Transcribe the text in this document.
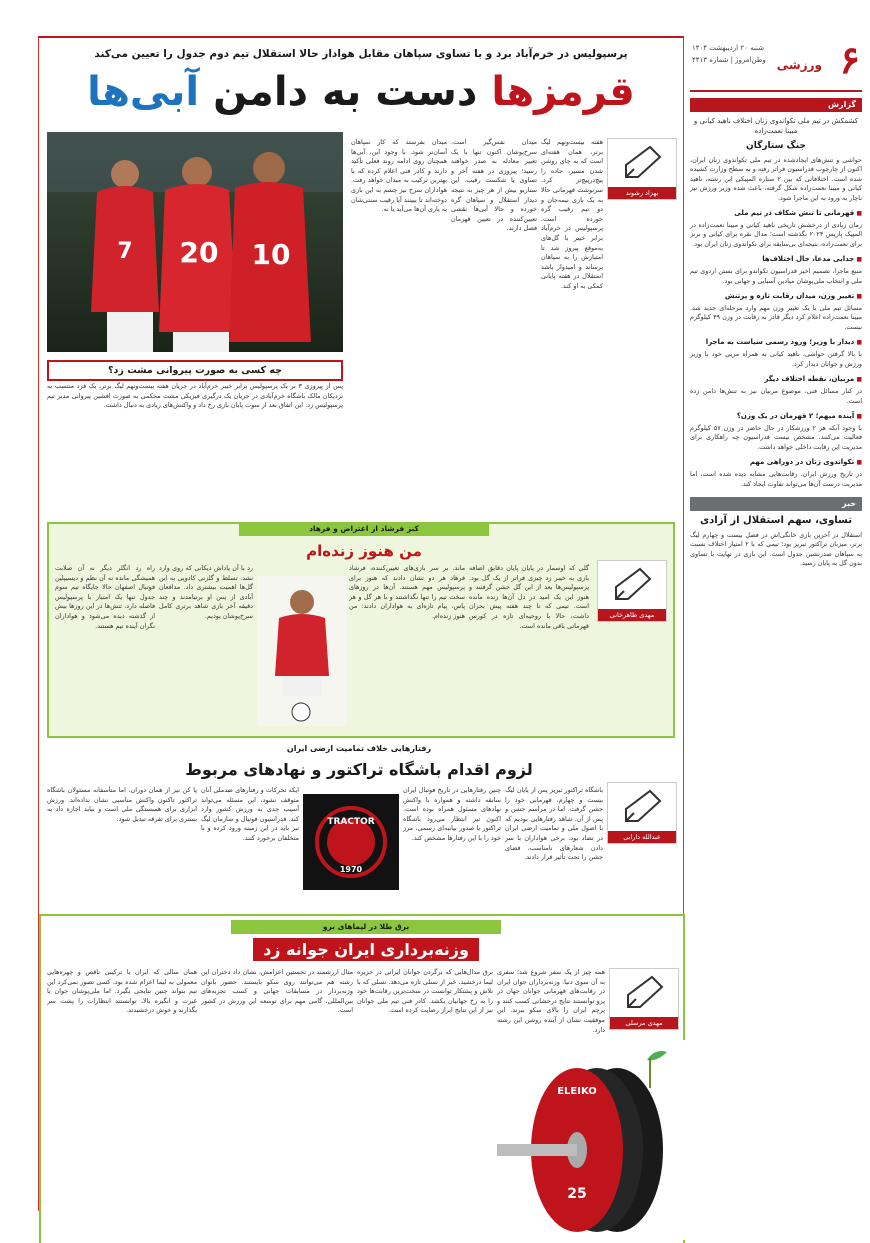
۶
ورزشی
شنبه ۲۰ اردیبهشت ۱۴۰۴
وطن‌امروز | شماره ۴۴۱۳
گزارش
کشمکش در تیم ملی تکواندوی زنان اختلاف ناهید کیانی و مبینا نعمت‌زاده
جنگ ستارگان
حواشی و تنش‌های ایجادشده در تیم ملی تکواندوی زنان ایران، اکنون از چارچوب فدراسیون فراتر رفته و به سطح وزارت کشیده شده است. اختلافاتی که بین ۲ ستاره المپیکی این رشته، ناهید کیانی و مبینا نعمت‌زاده شکل گرفته، باعث شده وزیر ورزش نیز ناچار به ورود به این ماجرا شود.
■ قهرمانی تا تنش شکاف در تیم ملی
زمان زیادی از درخشش تاریخی ناهید کیانی و مبینا نعمت‌زاده در المپیک پاریس ۲۰۲۴ نگذشته است؛ مدال نقره برای کیانی و برنز برای نعمت‌زاده، نتیجه‌ای بی‌سابقه برای تکواندوی زنان ایران بود.
■ جدایی مدعا، حال اختلاف‌ها
منبع ماجرا، تصمیم اخیر فدراسیون تکواندو برای بستن اردوی تیم ملی و انتخاب ملی‌پوشان میادین آسیایی و جهانی بود.
■ تغییر وزن، میدان رقابت تازه و پرتنش
مسائل تیم ملی با یک تغییر وزن مهم وارد مرحله‌ای جدید شد. مبینا نعمت‌زاده اعلام کرد دیگر قادر به رقابت در وزن ۴۹ کیلوگرم نیست.
■ دیدار با وزیر؛ ورود رسمی سیاست به ماجرا
با بالا گرفتن حواشی، ناهید کیانی به همراه مربی خود با وزیر ورزش و جوانان دیدار کرد.
■ مربیان، نقطه اختلاف دیگر
در کنار مسائل فنی، موضوع مربیان نیز به تنش‌ها دامن زده است.
■ آینده مبهم؛ ۲ قهرمان در یک وزن؟
با وجود آنکه هر ۲ ورزشکار در حال حاضر در وزن ۵۷ کیلوگرم فعالیت می‌کنند، مشخص نیست فدراسیون چه راهکاری برای مدیریت این رقابت داخلی خواهد داشت.
■ تکواندوی زنان در دوراهی مهم
در تاریخ ورزش ایران، رقابت‌هایی مشابه دیده شده است، اما مدیریت درست آن‌ها می‌تواند تفاوت ایجاد کند.
خبر
تساوی، سهم استقلال از آزادی
استقلال در آخرین بازی خانگی‌اش در فصل بیست و چهارم لیگ برتر، میزبان تراکتور تبریز بود؛ تیمی که با ۲ امتیاز اختلاف نسبت به سپاهان صدرنشین جدول است. این بازی در نهایت با تساوی بدون گل به پایان رسید.
پرسپولیس در خرم‌آباد برد و با تساوی سپاهان مقابل هوادار حالا استقلال تیم دوم جدول را تعیین می‌کند
قرمزها دست به دامن آبی‌ها
7 20 10
چه کسی به صورت پیروانی مشت زد؟
پس از پیروزی ۳ بر یک پرسپولیس برابر خیبر خرم‌آباد در جریان هفته بیست‌ونهم لیگ برتر، یک فرد منتسب به نزدیکان مالک باشگاه خرم‌آبادی در جریان یک درگیری فیزیکی مشت محکمی به صورت افشین پیروانی مدیر تیم پرسپولیس زد. این اتفاق بعد از سوت پایان بازی رخ داد و واکنش‌های زیادی به دنبال داشت.
بهزاد رشوند
هفته بیست‌ونهم لیگ برتر، همان هفته‌ای است که به جای روشن شدن مسیر، جاده را پیچ‌درپیچ‌تر کرد. سرنوشت قهرمانی حالا به یک بازی نیمه‌جان و دو تیم رقیب گره خورده است. پرسپولیس در خرم‌آباد برابر خیبر با گل‌های به‌موقع پیروز شد تا امتیازش را به سپاهان برساند و امیدوار باشد استقلال در هفته پایانی کمکی به او کند.
میدان نفس‌گیر است. سرخ‌پوشان اکنون تنها با یک تغییر معادله به صدر خواهند رسید؛ پیروزی در هفته آخر و تساوی یا شکست رقیب. این سناریو بیش از هر چیز به نتیجه دیدار استقلال و سپاهان گره خورده و حالا آبی‌ها نقشی تعیین‌کننده در تعیین قهرمان فصل دارند.
میدان بفرستد که کار سپاهان آسان‌تر شود. با وجود این، آبی‌ها همچنان روی ادامه روند فعلی تأکید دارند و کادر فنی اعلام کرده که با بهترین ترکیب به میدان خواهد رفت. هواداران سرخ نیز چشم به این بازی دوخته‌اند تا ببینند آیا رقیب سنتی‌شان به یاری آن‌ها می‌آید یا نه.
کنز فرشاد از اعتراض و فرهاد
من هنوز زنده‌ام
مهدی طاهرخانی
گلی که اوسمار در پایان پایان دقایق اضافه بازی به خیبر زد چیزی فراتر از یک گل بود. پرسپولیس‌ها بعد از این گل جشن گرفتند و هنوز این یک امید در دل آن‌ها زنده مانده است. تیمی که تا چند هفته پیش بحران داشت، حالا با روحیه‌ای تازه در کورس قهرمانی باقی مانده است.
ماند. بر سر بازی‌های تعیین‌کننده، فرشاد فرهاد هر دو نشان دادند که هنوز برای پرسپولیس مهم هستند. آن‌ها در روزهای سخت تیم را تنها نگذاشتند و با هر گل و هر پاس، پیام تازه‌ای به هواداران دادند: من هنوز زنده‌ام.
رد با آن پاداش دیکانی که روی وارد نشد. تسلط و گلزنی کادوپی به این گل‌ها اهمیت بیشتری داد. مدافعان آبادی از پس او برنیامدند و چند دقیقه آخر بازی شاهد برتری کامل سرخ‌پوشان بودیم.
راه رد انگلر دیگر نه آن صلابت همیشگی مانده نه آن نظم و دیسیپلین فوتبال اصفهان حالا جایگاه تیم سوم جدول تنها یک امتیاز با پرسپولیس فاصله دارد. تنش‌ها در این روزها بیش از گذشته دیده می‌شود و هواداران نگران آینده تیم هستند.
رفتارهایی خلاف تمامیت ارضی ایران
لزوم اقدام باشگاه تراکتور و نهادهای مربوط
عبدالله دارابی
باشگاه تراکتور تبریز پس از پایان لیگ بیست و چهارم، قهرمانی خود را جشن گرفت. اما در مراسم جشن و پس از آن، شاهد رفتارهایی بودیم که با اصول ملی و تمامیت ارضی ایران در تضاد بود. برخی هواداران با سر دادن شعارهای نامناسب، فضای جشن را تحت تأثیر قرار دادند.
چنین رفتارهایی در تاریخ فوتبال ایران سابقه داشته و همواره با واکنش نهادهای مسئول همراه بوده است. اکنون نیز انتظار می‌رود باشگاه تراکتور با صدور بیانیه‌ای رسمی، مرز خود را با این رفتارها مشخص کند.
TRACTOR
1970
ایکه تحرکات و رفتارهای ضدملی آنان متوقف نشود، این مسئله می‌تواند آسیب جدی به ورزش کشور وارد کند. فدراسیون فوتبال و سازمان لیگ نیز باید در این زمینه ورود کرده و با متخلفان برخورد کنند.
پا کن نیز از همان دوران، اما متأسفانه مسئولان باشگاه تراکتور تاکنون واکنش مناسبی نشان نداده‌اند. ورزش ابزاری برای همبستگی ملی است و نباید اجازه داد به بستری برای تفرقه تبدیل شود.
برق طلا در لیماهای برو
وزنه‌برداری ایران جوانه زد
مهدی مرسلی
ELEIKO
25
همه چیز از یک سفر شروع شد؛ سفری به آن سوی دنیا. وزنه‌برداران جوان ایران در رقابت‌های قهرمانی جوانان جهان در پرو توانستند نتایج درخشانی کسب کنند و پرچم ایران را بالای سکو ببرند. این موفقیت نشان از آینده روشن این رشته دارد.
برق مدال‌هایی که برگردن جوانان ایرانی در جزیره لیما درخشید، خبر از نسلی تازه می‌دهد. نسلی که با تلاش و پشتکار توانست در سخت‌ترین رقابت‌ها خود را به رخ جهانیان بکشد. کادر فنی تیم ملی جوانان نیز از این نتایج ابراز رضایت کرده است.
مثال ارزشمند در نخستین اعزامش، نشان داد دختران این رشته هم می‌توانند روی سکو بایستند. حضور بانوان وزنه‌بردار در مسابقات جهانی و کسب تجربه‌های بین‌المللی، گامی مهم برای توسعه این ورزش در کشور است.
همان سالی که ایران با ترکیبی ناقص و چهره‌هایی معمولی به لیما اعزام شده بود، کسی تصور نمی‌کرد این تیم بتواند چنین نتایجی بگیرد. اما ملی‌پوشان جوان با غیرت و انگیزه بالا، توانستند انتظارات را پشت سر بگذارند و خوش درخشیدند.
